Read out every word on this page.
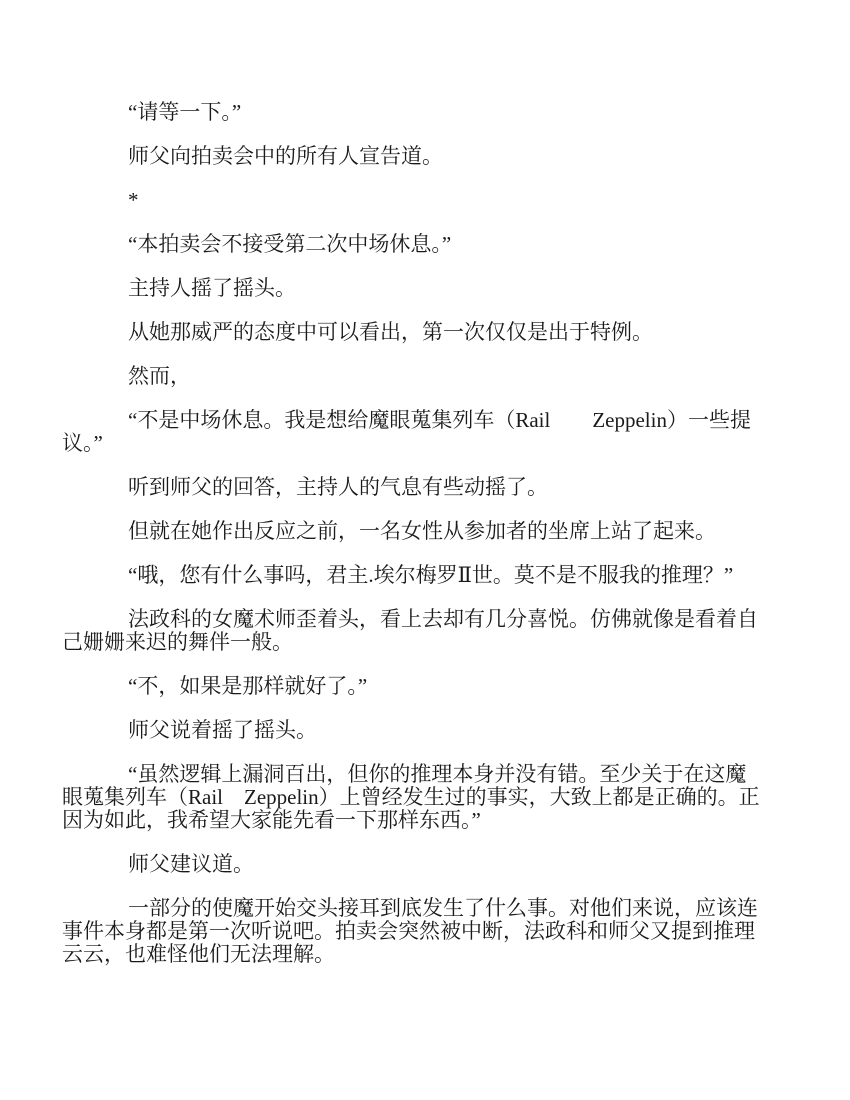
“请等一下。”

师父向拍卖会中的所有人宣告道。

*

“本拍卖会不接受第二次中场休息。”

主持人摇了摇头。

从她那威严的态度中可以看出，第一次仅仅是出于特例。

然而，

“不是中场休息。我是想给魔眼蒐集列车（Rail　　Zeppelin）一些提议。”

听到师父的回答，主持人的气息有些动摇了。

但就在她作出反应之前，一名女性从参加者的坐席上站了起来。

“哦，您有什么事吗，君主.埃尔梅罗Ⅱ世。莫不是不服我的推理？”

法政科的女魔术师歪着头，看上去却有几分喜悦。仿佛就像是看着自己姗姗来迟的舞伴一般。

“不，如果是那样就好了。”

师父说着摇了摇头。

“虽然逻辑上漏洞百出，但你的推理本身并没有错。至少关于在这魔眼蒐集列车（Rail　Zeppelin）上曾经发生过的事实，大致上都是正确的。正因为如此，我希望大家能先看一下那样东西。”

师父建议道。

一部分的使魔开始交头接耳到底发生了什么事。对他们来说，应该连事件本身都是第一次听说吧。拍卖会突然被中断，法政科和师父又提到推理云云，也难怪他们无法理解。
